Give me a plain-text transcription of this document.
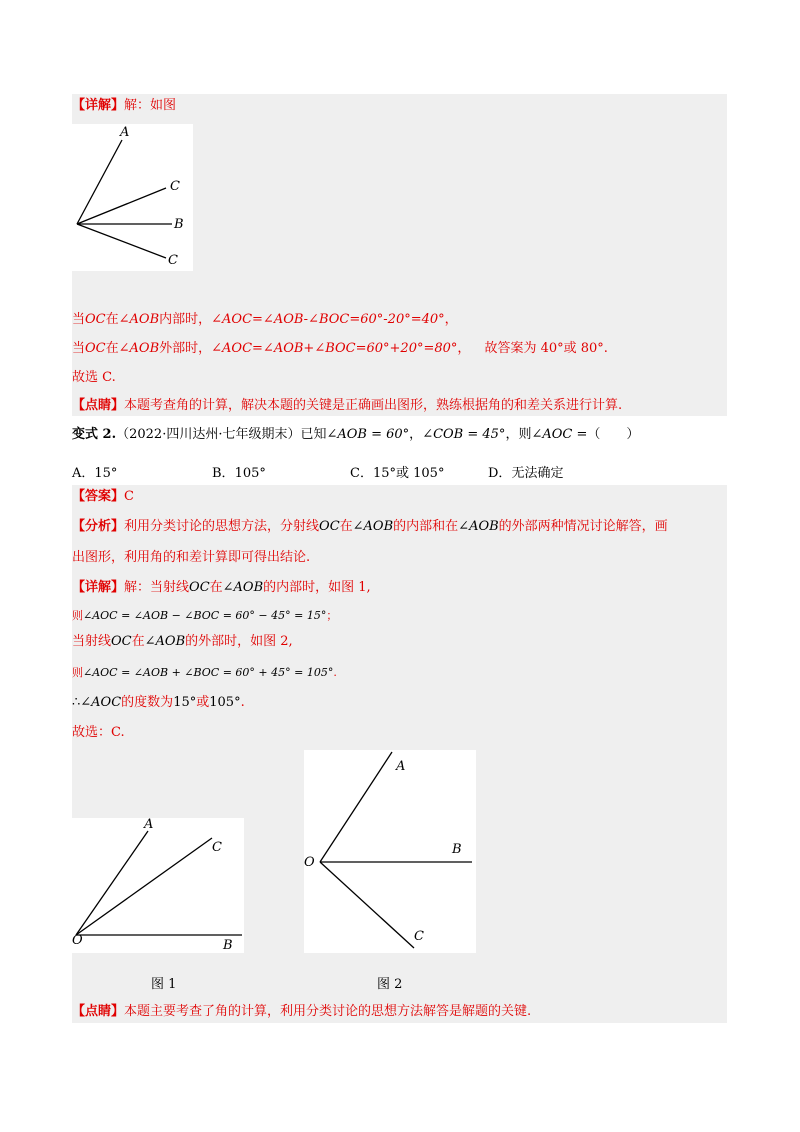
【详解】解：如图
A
C
B
C
当OC在∠AOB内部时，∠AOC=∠AOB-∠BOC=60°-20°=40°，
当OC在∠AOB外部时，∠AOC=∠AOB+∠BOC=60°+20°=80°， 故答案为 40°或 80°.
故选 C.
【点睛】本题考查角的计算，解决本题的关键是正确画出图形，熟练根据角的和差关系进行计算.
变式 2.（2022·四川达州·七年级期末）已知∠AOB = 60°，∠COB = 45°，则∠AOC =（　　）
A．15°	B．105°	C．15°或 105°	D．无法确定
【答案】C
【分析】利用分类讨论的思想方法，分射线OC在∠AOB的内部和在∠AOB的外部两种情况讨论解答，画
出图形，利用角的和差计算即可得出结论.
【详解】解：当射线OC在∠AOB的内部时，如图 1,
则∠AOC = ∠AOB − ∠BOC = 60° − 45° = 15°；
当射线OC在∠AOB的外部时，如图 2,
则∠AOC = ∠AOB + ∠BOC = 60° + 45° = 105°.
∴∠AOC的度数为15°或105°.
故选：C.
A
C
O	B
图 1
A
O
B
C
图 2
【点睛】本题主要考查了角的计算，利用分类讨论的思想方法解答是解题的关键.
